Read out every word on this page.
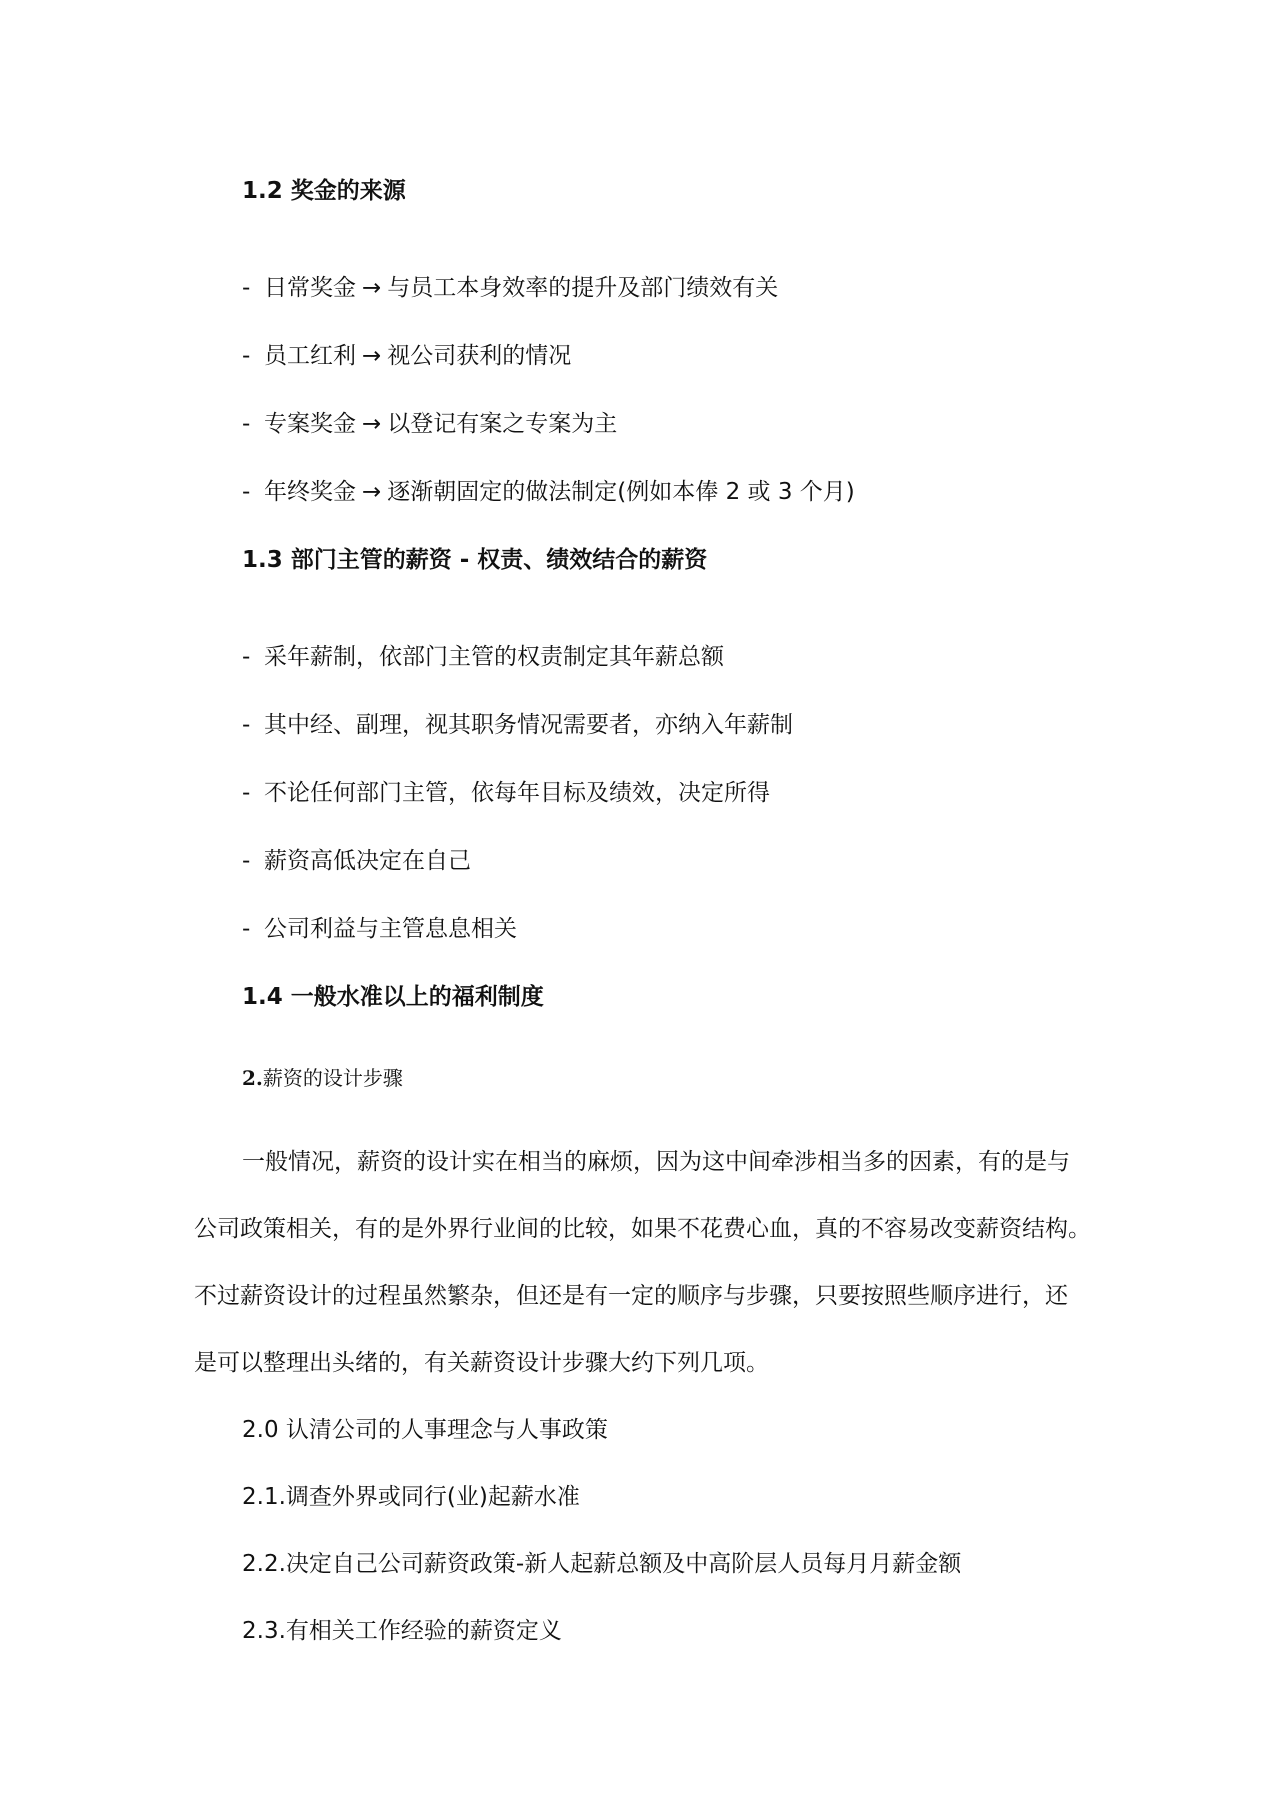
1.2 奖金的来源
- 日常奖金 → 与员工本身效率的提升及部门绩效有关
- 员工红利 → 视公司获利的情况
- 专案奖金 → 以登记有案之专案为主
- 年终奖金 → 逐渐朝固定的做法制定(例如本俸 2 或 3 个月)
1.3 部门主管的薪资 - 权责、绩效结合的薪资
- 采年薪制，依部门主管的权责制定其年薪总额
- 其中经、副理，视其职务情况需要者，亦纳入年薪制
- 不论任何部门主管，依每年目标及绩效，决定所得
- 薪资高低决定在自己
- 公司利益与主管息息相关
1.4 一般水准以上的福利制度
2.薪资的设计步骤
一般情况，薪资的设计实在相当的麻烦，因为这中间牵涉相当多的因素，有的是与
公司政策相关，有的是外界行业间的比较，如果不花费心血，真的不容易改变薪资结构。
不过薪资设计的过程虽然繁杂，但还是有一定的顺序与步骤，只要按照些顺序进行，还
是可以整理出头绪的，有关薪资设计步骤大约下列几项。
2.0 认清公司的人事理念与人事政策
2.1.调查外界或同行(业)起薪水准
2.2.决定自己公司薪资政策-新人起薪总额及中高阶层人员每月月薪金额
2.3.有相关工作经验的薪资定义
